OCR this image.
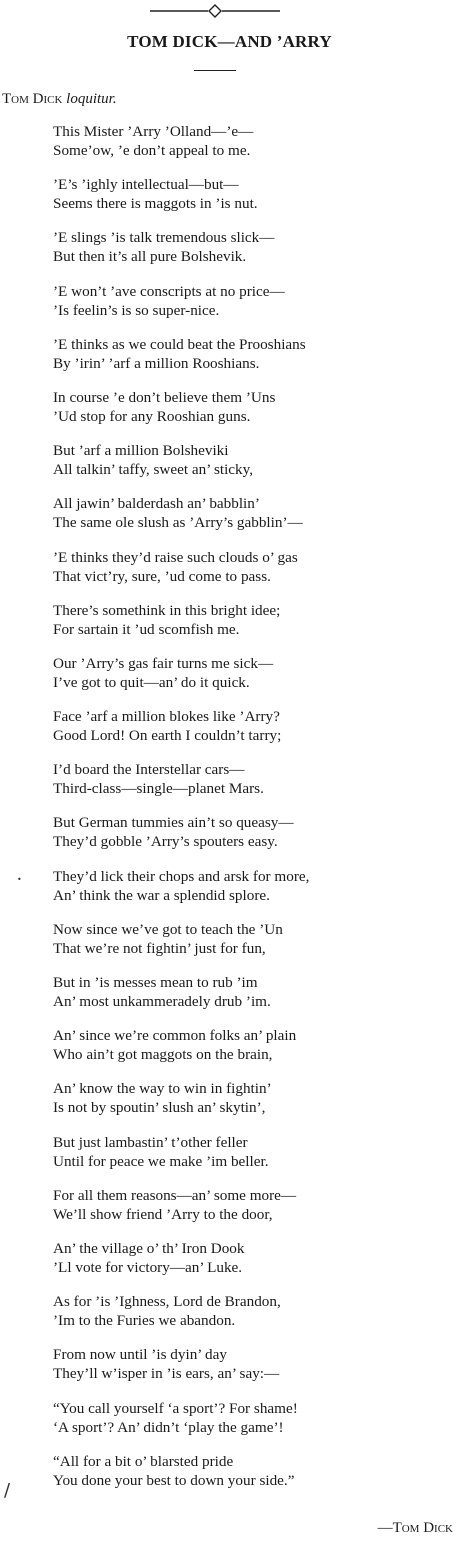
TOM DICK—AND ’ARRY
Tom Dick loquitur.
This Mister ’Arry ’Olland—’e—
Some’ow, ’e don’t appeal to me.
’E’s ’ighly intellectual—but—
Seems there is maggots in ’is nut.
’E slings ’is talk tremendous slick—
But then it’s all pure Bolshevik.
’E won’t ’ave conscripts at no price—
’Is feelin’s is so super-nice.
’E thinks as we could beat the Prooshians
By ’irin’ ’arf a million Rooshians.
In course ’e don’t believe them ’Uns
’Ud stop for any Rooshian guns.
But ’arf a million Bolsheviki
All talkin’ taffy, sweet an’ sticky,
All jawin’ balderdash an’ babblin’
The same ole slush as ’Arry’s gabblin’—
’E thinks they’d raise such clouds o’ gas
That vict’ry, sure, ’ud come to pass.
There’s somethink in this bright idee;
For sartain it ’ud scomfish me.
Our ’Arry’s gas fair turns me sick—
I’ve got to quit—an’ do it quick.
Face ’arf a million blokes like ’Arry?
Good Lord! On earth I couldn’t tarry;
I’d board the Interstellar cars—
Third-class—single—planet Mars.
But German tummies ain’t so queasy—
They’d gobble ’Arry’s spouters easy.
They’d lick their chops and arsk for more,
An’ think the war a splendid splore.
Now since we’ve got to teach the ’Un
That we’re not fightin’ just for fun,
But in ’is messes mean to rub ’im
An’ most unkammeradely drub ’im.
An’ since we’re common folks an’ plain
Who ain’t got maggots on the brain,
An’ know the way to win in fightin’
Is not by spoutin’ slush an’ skytin’,
But just lambastin’ t’other feller
Until for peace we make ’im beller.
For all them reasons—an’ some more—
We’ll show friend ’Arry to the door,
An’ the village o’ th’ Iron Dook
’Ll vote for victory—an’ Luke.
As for ’is ’Ighness, Lord de Brandon,
’Im to the Furies we abandon.
From now until ’is dyin’ day
They’ll w’isper in ’is ears, an’ say:—
“You call yourself ‘a sport’? For shame!
‘A sport’? An’ didn’t ‘play the game’!
“All for a bit o’ blarsted pride
You done your best to down your side.”
—Tom Dick
•
/
